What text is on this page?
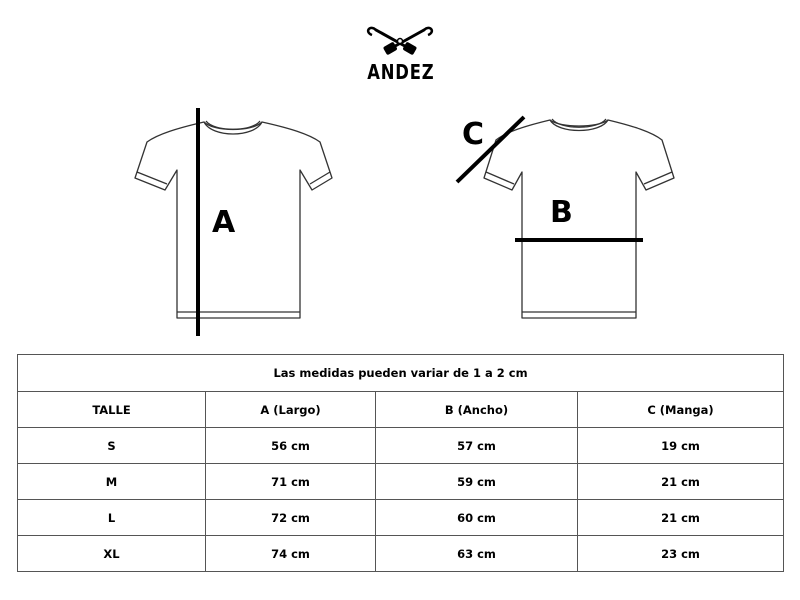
ANDEZ
A	B
C
Las medidas pueden variar de 1 a 2 cm			
TALLE	A (Largo)	B (Ancho)	C (Manga)
S	56 cm	57 cm	19 cm
M	71 cm	59 cm	21 cm
L	72 cm	60 cm	21 cm
XL	74 cm	63 cm	23 cm
